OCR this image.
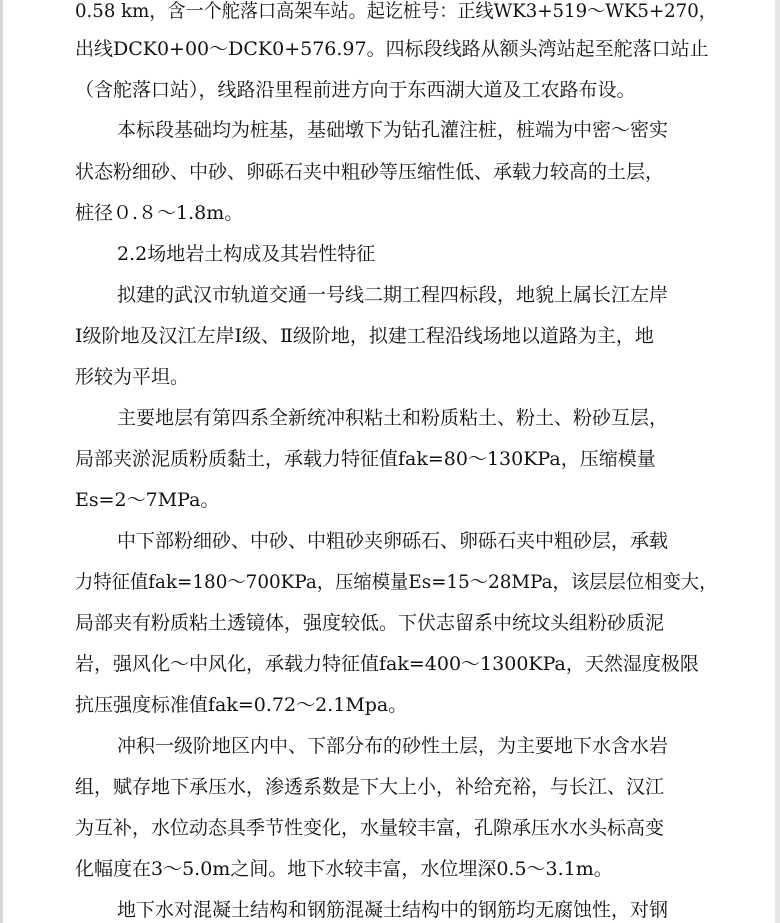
0.58 km，含一个舵落口高架车站。起讫桩号：正线WK3+519～WK5+270，
出线DCK0+00～DCK0+576.97。四标段线路从额头湾站起至舵落口站止
（含舵落口站），线路沿里程前进方向于东西湖大道及工农路布设。
本标段基础均为桩基，基础墩下为钻孔灌注桩，桩端为中密～密实
状态粉细砂、中砂、卵砾石夹中粗砂等压缩性低、承载力较高的土层，
桩径０.８～1.8m。
2.2场地岩土构成及其岩性特征
拟建的武汉市轨道交通一号线二期工程四标段，地貌上属长江左岸
I级阶地及汉江左岸I级、Ⅱ级阶地，拟建工程沿线场地以道路为主，地
形较为平坦。
主要地层有第四系全新统冲积粘土和粉质粘土、粉土、粉砂互层，
局部夹淤泥质粉质黏土，承载力特征值fak=80～130KPa，压缩模量
Es=2～7MPa。
中下部粉细砂、中砂、中粗砂夹卵砾石、卵砾石夹中粗砂层，承载
力特征值fak=180～700KPa，压缩模量Es=15～28MPa，该层层位相变大，
局部夹有粉质粘土透镜体，强度较低。下伏志留系中统坟头组粉砂质泥
岩，强风化～中风化，承载力特征值fak=400～1300KPa，天然湿度极限
抗压强度标准值fak=0.72～2.1Mpa。
冲积一级阶地区内中、下部分布的砂性土层，为主要地下水含水岩
组，赋存地下承压水，渗透系数是下大上小，补给充裕，与长江、汉江
为互补，水位动态具季节性变化，水量较丰富，孔隙承压水水头标高变
化幅度在3～5.0m之间。地下水较丰富，水位埋深0.5～3.1m。
地下水对混凝土结构和钢筋混凝土结构中的钢筋均无腐蚀性，对钢
